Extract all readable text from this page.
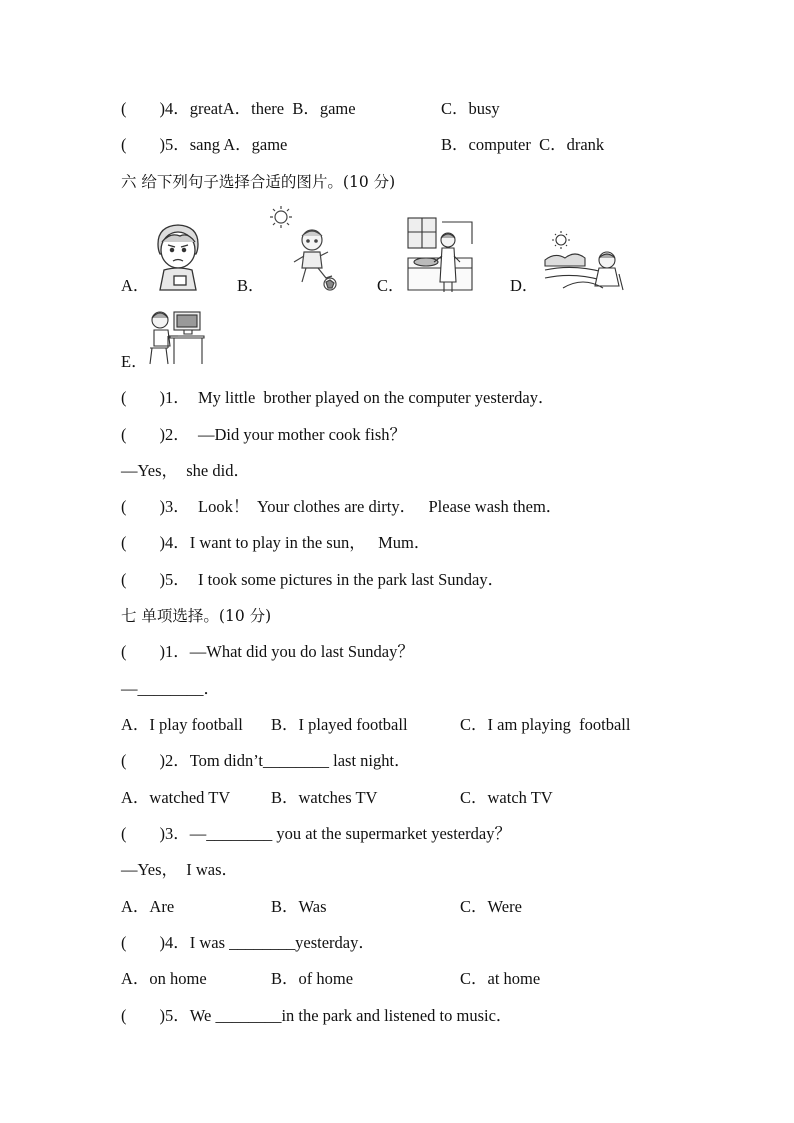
(　　)4．greatA．there  B．game	C．busy
(　　)5．sang A．game	B．computer  C．drank
六 给下列句子选择合适的图片。(10 分)
A．	B．	C．	D．
E．
(　　)1．  My little  brother played on the computer yesterday．
(　　)2．  —Did your mother cook fish？
—Yes，  she did．
(　　)3．  Look！  Your clothes are dirty．   Please wash them．
(　　)4．I want to play in the sun，   Mum．
(　　)5．  I took some pictures in the park last Sunday．
七 单项选择。(10 分)
(　　)1．—What did you do last Sunday？
—________．
A．I play football B．I played football	C．I am playing  football
(　　)2．Tom didn’t________ last night．
A．watched TV B．watches TV	C．watch TV
(　　)3．—________ you at the supermarket yesterday？
—Yes，  I was．
A．Are	B．Was	C．Were
(　　)4．I was ________yesterday．
A．on home	B．of home	C．at home
(　　)5．We ________in the park and listened to music．
